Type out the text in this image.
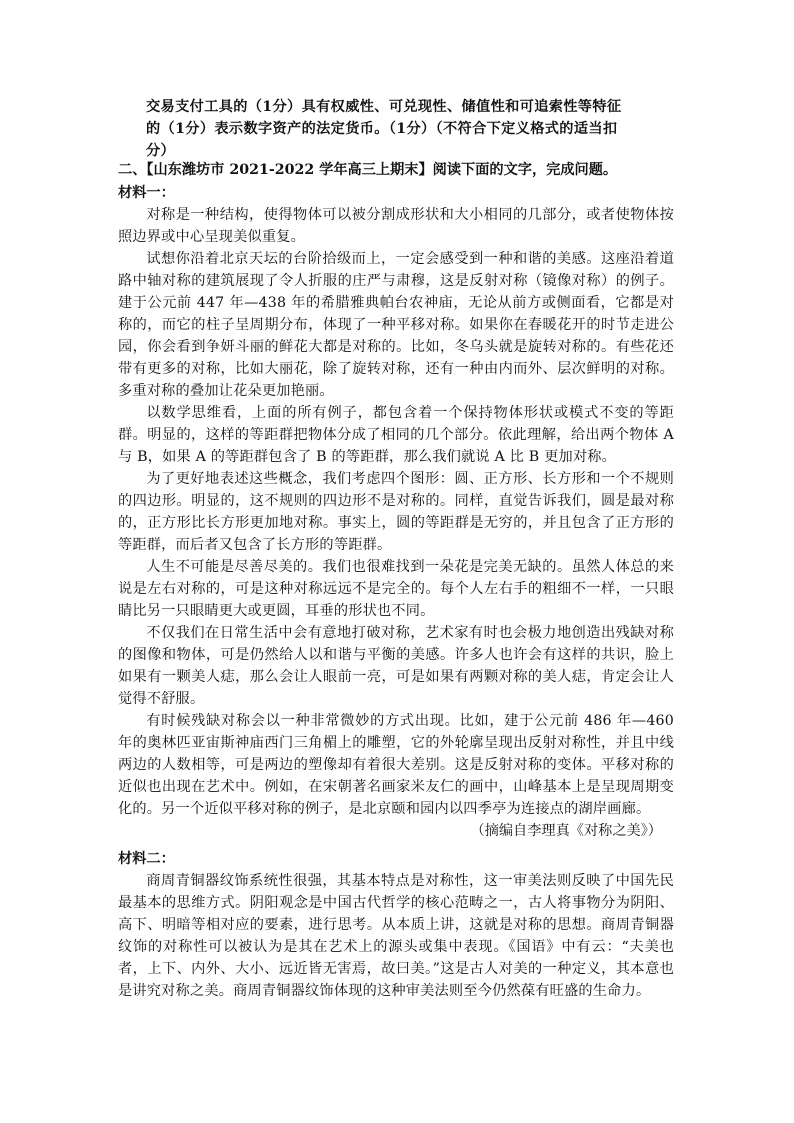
交易支付工具的（1分）具有权威性、可兑现性、储值性和可追索性等特征

的（1分）表示数字资产的法定货币。（1分）（不符合下定义格式的适当扣

分）

二、【山东潍坊市 2021-2022 学年高三上期末】阅读下面的文字，完成问题。

材料一：

对称是一种结构，使得物体可以被分割成形状和大小相同的几部分，或者使物体按照边界或中心呈现美似重复。

试想你沿着北京天坛的台阶拾级而上，一定会感受到一种和谐的美感。这座沿着道路中轴对称的建筑展现了令人折服的庄严与肃穆，这是反射对称（镜像对称）的例子。建于公元前 447 年—438 年的希腊雅典帕台农神庙，无论从前方或侧面看，它都是对称的，而它的柱子呈周期分布，体现了一种平移对称。如果你在春暖花开的时节走进公园，你会看到争妍斗丽的鲜花大都是对称的。比如，冬乌头就是旋转对称的。有些花还带有更多的对称，比如大丽花，除了旋转对称，还有一种由内而外、层次鲜明的对称。多重对称的叠加让花朵更加艳丽。

以数学思维看，上面的所有例子，都包含着一个保持物体形状或模式不变的等距群。明显的，这样的等距群把物体分成了相同的几个部分。依此理解，给出两个物体 A 与 B，如果 A 的等距群包含了 B 的等距群，那么我们就说 A 比 B 更加对称。

为了更好地表述这些概念，我们考虑四个图形：圆、正方形、长方形和一个不规则的四边形。明显的，这不规则的四边形不是对称的。同样，直觉告诉我们，圆是最对称的，正方形比长方形更加地对称。事实上，圆的等距群是无穷的，并且包含了正方形的等距群，而后者又包含了长方形的等距群。

人生不可能是尽善尽美的。我们也很难找到一朵花是完美无缺的。虽然人体总的来说是左右对称的，可是这种对称远远不是完全的。每个人左右手的粗细不一样，一只眼睛比另一只眼睛更大或更圆，耳垂的形状也不同。

不仅我们在日常生活中会有意地打破对称，艺术家有时也会极力地创造出残缺对称的图像和物体，可是仍然给人以和谐与平衡的美感。许多人也许会有这样的共识，脸上如果有一颗美人痣，那么会让人眼前一亮，可是如果有两颗对称的美人痣，肯定会让人觉得不舒服。

有时候残缺对称会以一种非常微妙的方式出现。比如，建于公元前 486 年—460 年的奥林匹亚宙斯神庙西门三角楣上的雕塑，它的外轮廓呈现出反射对称性，并且中线两边的人数相等，可是两边的塑像却有着很大差别。这是反射对称的变体。平移对称的近似也出现在艺术中。例如，在宋朝著名画家米友仁的画中，山峰基本上是呈现周期变化的。另一个近似平移对称的例子，是北京颐和园内以四季亭为连接点的湖岸画廊。

（摘编自李理真《对称之美》）

材料二：

商周青铜器纹饰系统性很强，其基本特点是对称性，这一审美法则反映了中国先民最基本的思维方式。阴阳观念是中国古代哲学的核心范畴之一，古人将事物分为阴阳、高下、明暗等相对应的要素，进行思考。从本质上讲，这就是对称的思想。商周青铜器纹饰的对称性可以被认为是其在艺术上的源头或集中表现。《国语》中有云：“夫美也者，上下、内外、大小、远近皆无害焉，故曰美。”这是古人对美的一种定义，其本意也是讲究对称之美。商周青铜器纹饰体现的这种审美法则至今仍然葆有旺盛的生命力。
